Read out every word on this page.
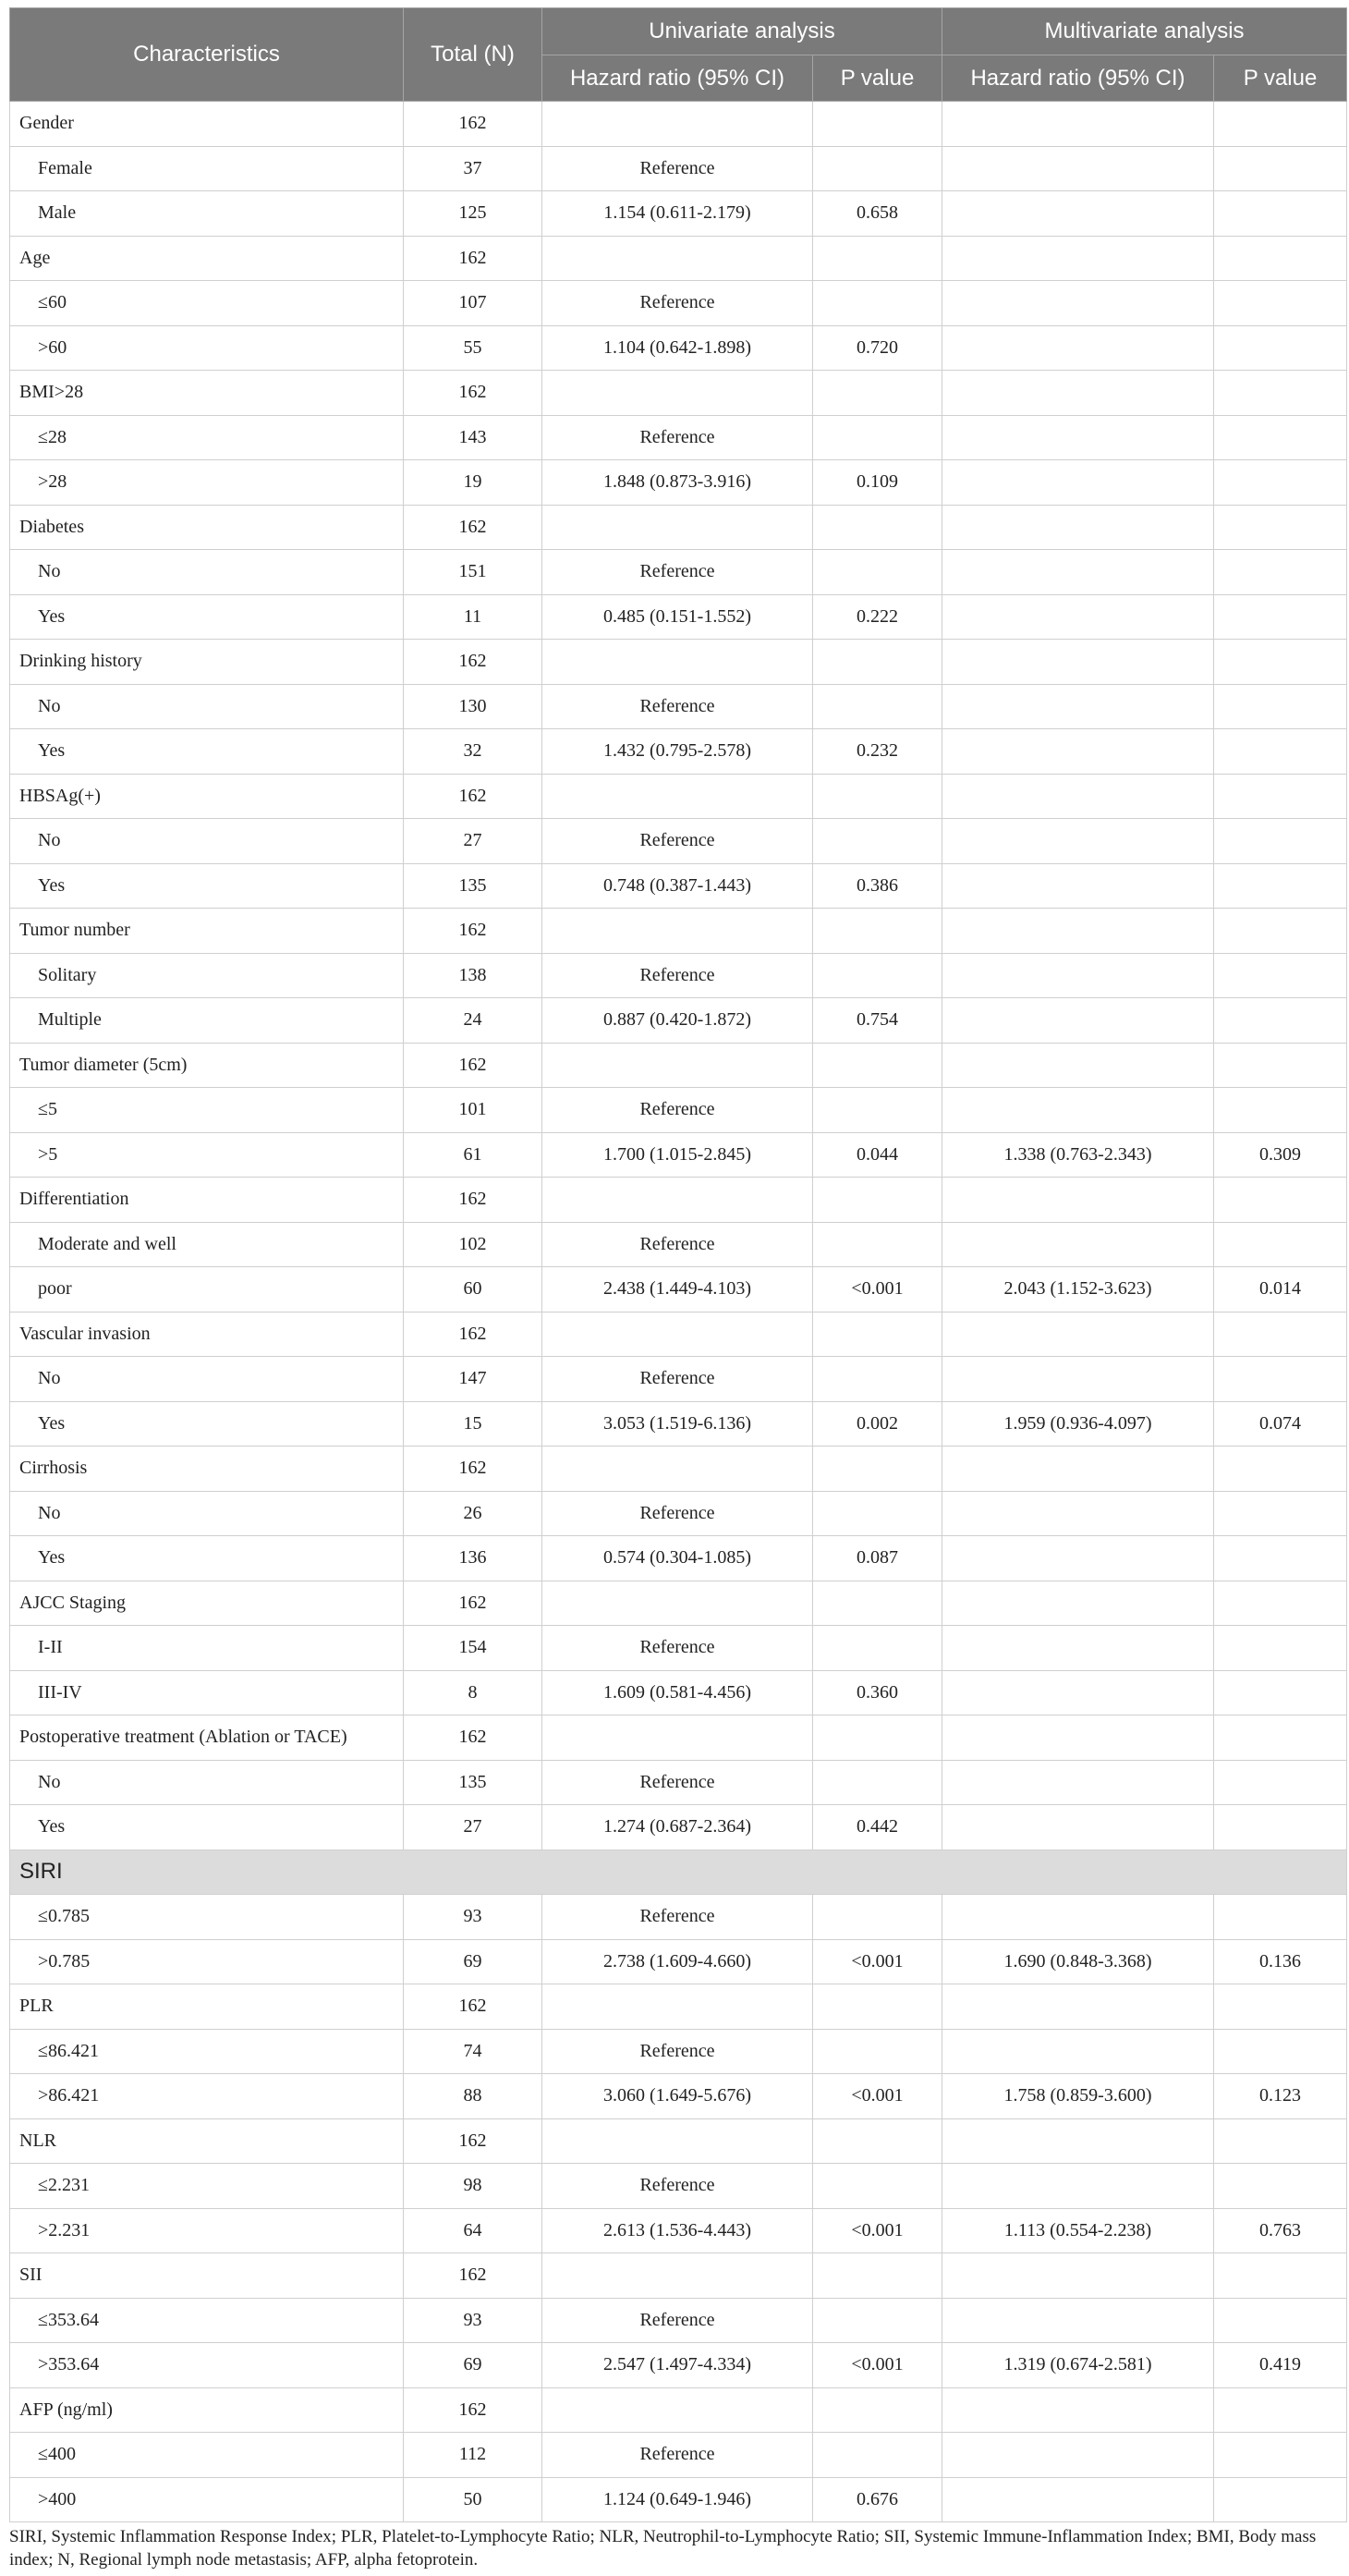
Characteristics	Total (N)	Univariate analysis		Multivariate analysis	
		Hazard ratio (95% CI)	P value	Hazard ratio (95% CI)	P value
Gender	162				
Female	37	Reference			
Male	125	1.154 (0.611-2.179)	0.658		
Age	162				
≤60	107	Reference			
>60	55	1.104 (0.642-1.898)	0.720		
BMI>28	162				
≤28	143	Reference			
>28	19	1.848 (0.873-3.916)	0.109		
Diabetes	162				
No	151	Reference			
Yes	11	0.485 (0.151-1.552)	0.222		
Drinking history	162				
No	130	Reference			
Yes	32	1.432 (0.795-2.578)	0.232		
HBSAg(+)	162				
No	27	Reference			
Yes	135	0.748 (0.387-1.443)	0.386		
Tumor number	162				
Solitary	138	Reference			
Multiple	24	0.887 (0.420-1.872)	0.754		
Tumor diameter (5cm)	162				
≤5	101	Reference			
>5	61	1.700 (1.015-2.845)	0.044	1.338 (0.763-2.343)	0.309
Differentiation	162				
Moderate and well	102	Reference			
poor	60	2.438 (1.449-4.103)	<0.001	2.043 (1.152-3.623)	0.014
Vascular invasion	162				
No	147	Reference			
Yes	15	3.053 (1.519-6.136)	0.002	1.959 (0.936-4.097)	0.074
Cirrhosis	162				
No	26	Reference			
Yes	136	0.574 (0.304-1.085)	0.087		
AJCC Staging	162				
I-II	154	Reference			
III-IV	8	1.609 (0.581-4.456)	0.360		
Postoperative treatment (Ablation or TACE)	162				
No	135	Reference			
Yes	27	1.274 (0.687-2.364)	0.442		
SIRI					
≤0.785	93	Reference			
>0.785	69	2.738 (1.609-4.660)	<0.001	1.690 (0.848-3.368)	0.136
PLR	162				
≤86.421	74	Reference			
>86.421	88	3.060 (1.649-5.676)	<0.001	1.758 (0.859-3.600)	0.123
NLR	162				
≤2.231	98	Reference			
>2.231	64	2.613 (1.536-4.443)	<0.001	1.113 (0.554-2.238)	0.763
SII	162				
≤353.64	93	Reference			
>353.64	69	2.547 (1.497-4.334)	<0.001	1.319 (0.674-2.581)	0.419
AFP (ng/ml)	162				
≤400	112	Reference			
>400	50	1.124 (0.649-1.946)	0.676		

SIRI, Systemic Inflammation Response Index; PLR, Platelet-to-Lymphocyte Ratio; NLR, Neutrophil-to-Lymphocyte Ratio; SII, Systemic Immune-Inflammation Index; BMI, Body mass index; N, Regional lymph node metastasis; AFP, alpha fetoprotein.
